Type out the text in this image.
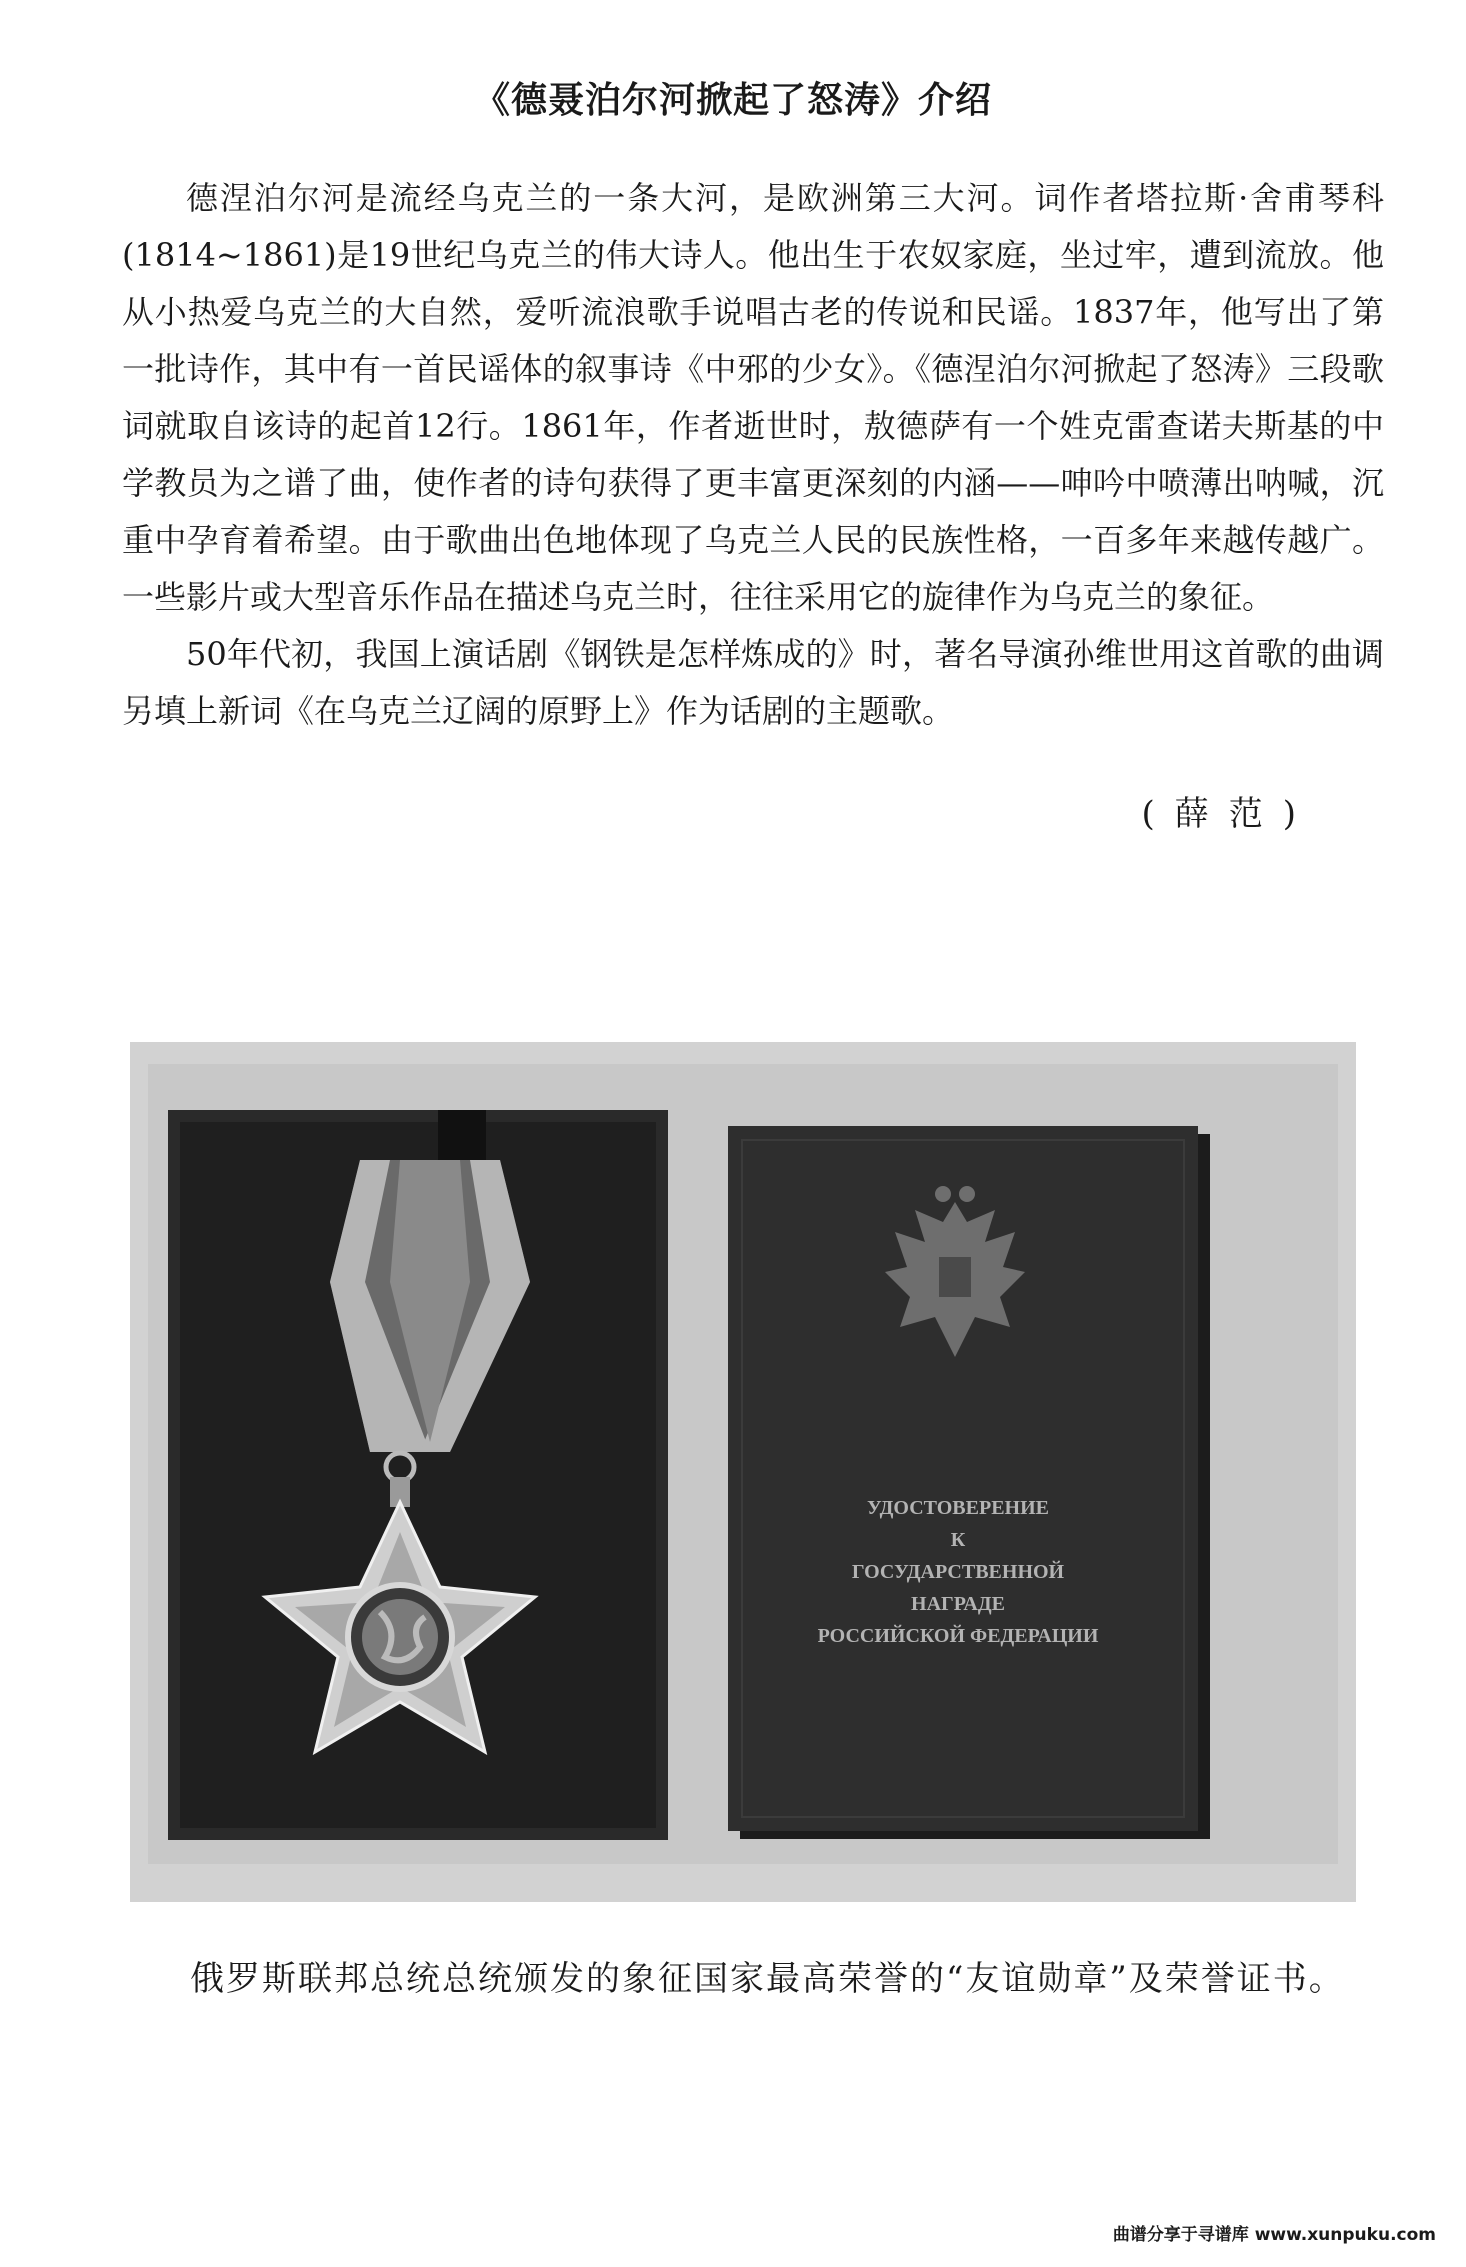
《德聂泊尔河掀起了怒涛》介绍

德涅泊尔河是流经乌克兰的一条大河，是欧洲第三大河。词作者塔拉斯·舍甫琴科(1814~1861)是19世纪乌克兰的伟大诗人。他出生于农奴家庭，坐过牢，遭到流放。他从小热爱乌克兰的大自然，爱听流浪歌手说唱古老的传说和民谣。1837年，他写出了第一批诗作，其中有一首民谣体的叙事诗《中邪的少女》。《德涅泊尔河掀起了怒涛》三段歌词就取自该诗的起首12行。1861年，作者逝世时，敖德萨有一个姓克雷查诺夫斯基的中学教员为之谱了曲，使作者的诗句获得了更丰富更深刻的内涵——呻吟中喷薄出呐喊，沉重中孕育着希望。由于歌曲出色地体现了乌克兰人民的民族性格，一百多年来越传越广。一些影片或大型音乐作品在描述乌克兰时，往往采用它的旋律作为乌克兰的象征。

50年代初，我国上演话剧《钢铁是怎样炼成的》时，著名导演孙维世用这首歌的曲调另填上新词《在乌克兰辽阔的原野上》作为话剧的主题歌。

(薛范)
УДОСТОВЕРЕНИЕ
К
ГОСУДАРСТВЕННОЙ
НАГРАДЕ
РОССИЙСКОЙ ФЕДЕРАЦИИ

俄罗斯联邦总统总统颁发的象征国家最高荣誉的“友谊勋章”及荣誉证书。

曲谱分享于寻谱库 www.xunpuku.com
